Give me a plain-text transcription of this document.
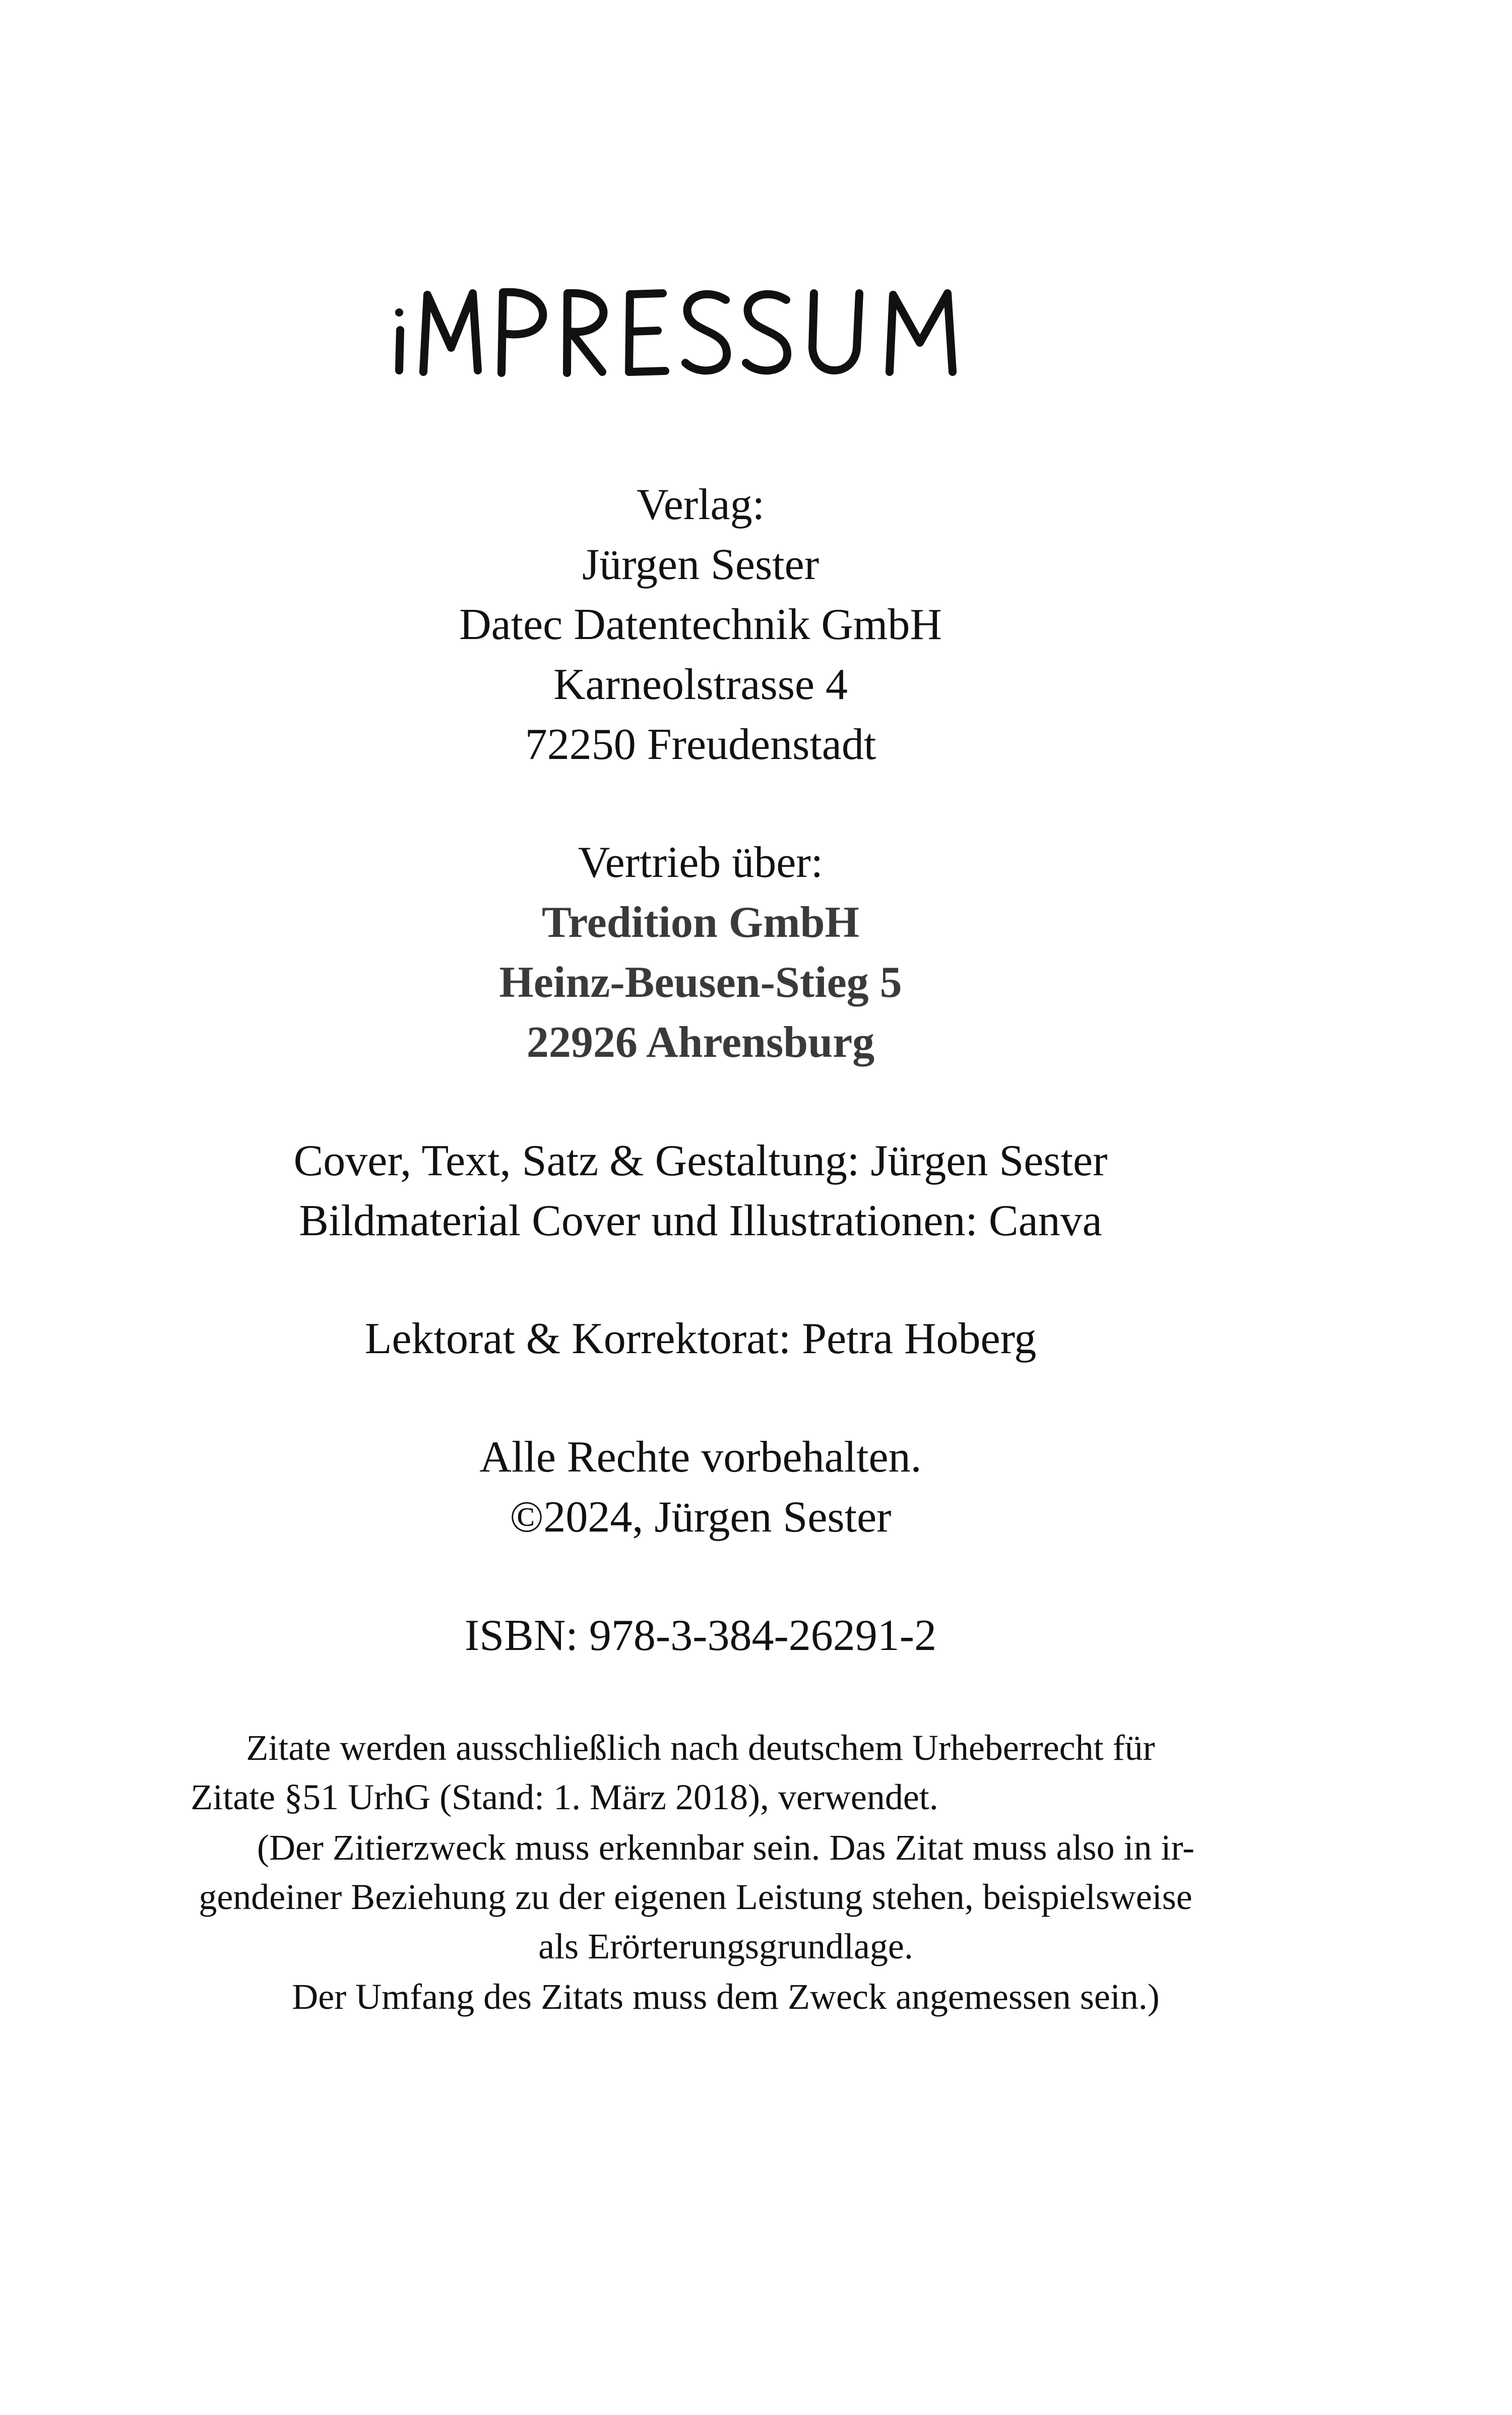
Verlag:
Jürgen Sester
Datec Datentechnik GmbH
Karneolstrasse 4
72250 Freudenstadt
Vertrieb über:
Tredition GmbH
Heinz-Beusen-Stieg 5
22926 Ahrensburg
Cover, Text, Satz & Gestaltung: Jürgen Sester
Bildmaterial Cover und Illustrationen: Canva
Lektorat & Korrektorat: Petra Hoberg
Alle Rechte vorbehalten.
©2024, Jürgen Sester
ISBN: 978-3-384-26291-2
Zitate werden ausschließlich nach deutschem Urheberrecht für
Zitate §51 UrhG (Stand: 1. März 2018), verwendet.
(Der Zitierzweck muss erkennbar sein. Das Zitat muss also in ir-
gendeiner Beziehung zu der eigenen Leistung stehen, beispielsweise
als Erörterungsgrundlage.
Der Umfang des Zitats muss dem Zweck angemessen sein.)
